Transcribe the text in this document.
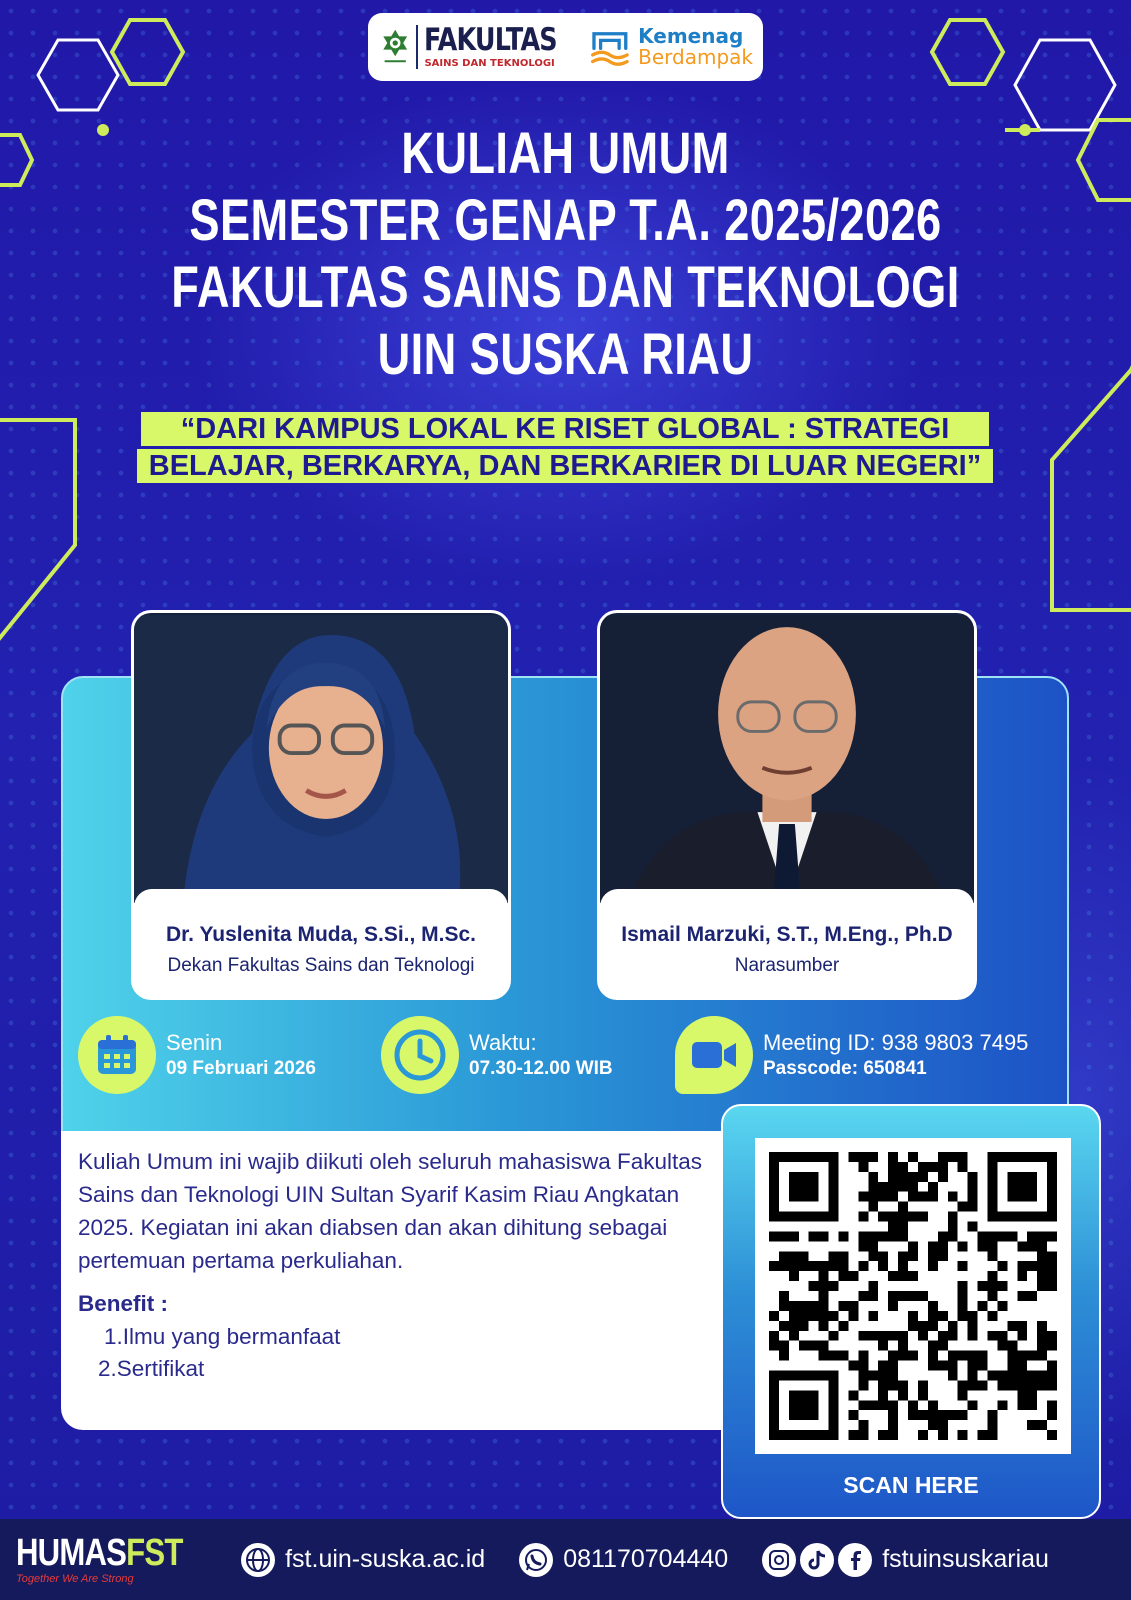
FAKULTAS
SAINS DAN TEKNOLOGI
Kemenag
Berdampak
KULIAH UMUM
SEMESTER GENAP T.A. 2025/2026
FAKULTAS SAINS DAN TEKNOLOGI
UIN SUSKA RIAU
“DARI KAMPUS LOKAL KE RISET GLOBAL : STRATEGI
BELAJAR, BERKARYA, DAN BERKARIER DI LUAR NEGERI”
Dr. Yuslenita Muda, S.Si., M.Sc.
Dekan Fakultas Sains dan Teknologi
Ismail Marzuki, S.T., M.Eng., Ph.D
Narasumber
Senin
09 Februari 2026
Waktu:
07.30-12.00 WIB
Meeting ID: 938 9803 7495
Passcode: 650841
Kuliah Umum ini wajib diikuti oleh seluruh mahasiswa Fakultas Sains dan Teknologi UIN Sultan Syarif Kasim Riau Angkatan 2025. Kegiatan ini akan diabsen dan akan dihitung sebagai pertemuan pertama perkuliahan.
Benefit :
1.Ilmu yang bermanfaat
2.Sertifikat
SCAN HERE
HUMASFST
Together We Are Strong
fst.uin-suska.ac.id	081170704440	fstuinsuskariau
